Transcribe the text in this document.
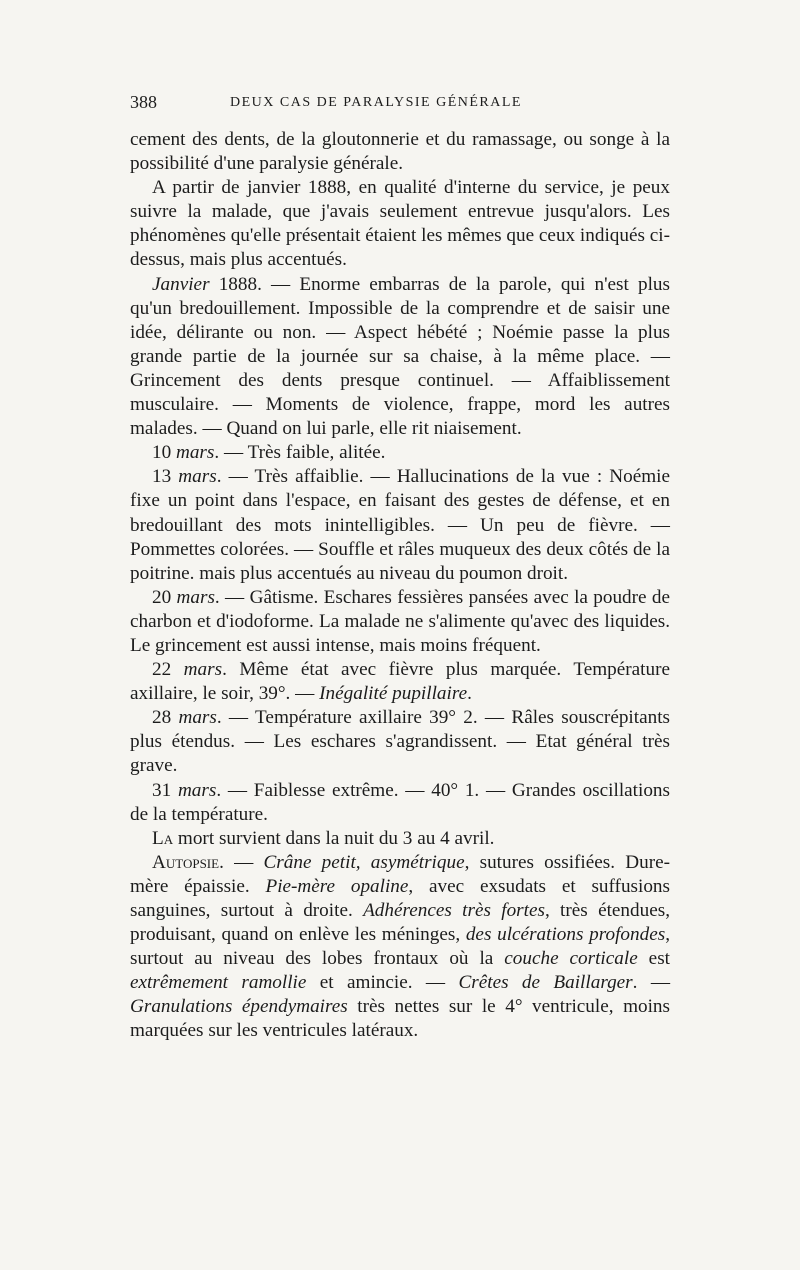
388	DEUX CAS DE PARALYSIE GÉNÉRALE

cement des dents, de la gloutonnerie et du ramassage, ou songe à la possibilité d'une paralysie générale.

A partir de janvier 1888, en qualité d'interne du service, je peux suivre la malade, que j'avais seulement entrevue jusqu'alors. Les phénomènes qu'elle présentait étaient les mêmes que ceux indiqués ci-dessus, mais plus accentués.

Janvier 1888. — Enorme embarras de la parole, qui n'est plus qu'un bredouillement. Impossible de la comprendre et de saisir une idée, délirante ou non. — Aspect hébété ; Noémie passe la plus grande partie de la journée sur sa chaise, à la même place. — Grincement des dents presque continuel. — Affaiblissement musculaire. — Moments de violence, frappe, mord les autres malades. — Quand on lui parle, elle rit niaisement.

10 mars. — Très faible, alitée.

13 mars. — Très affaiblie. — Hallucinations de la vue : Noémie fixe un point dans l'espace, en faisant des gestes de défense, et en bredouillant des mots inintelligibles. — Un peu de fièvre. — Pommettes colorées. — Souffle et râles muqueux des deux côtés de la poitrine. mais plus accentués au niveau du poumon droit.

20 mars. — Gâtisme. Eschares fessières pansées avec la poudre de charbon et d'iodoforme. La malade ne s'alimente qu'avec des liquides. Le grincement est aussi intense, mais moins fréquent.

22 mars. Même état avec fièvre plus marquée. Température axillaire, le soir, 39°. — Inégalité pupillaire.

28 mars. — Température axillaire 39° 2. — Râles souscrépitants plus étendus. — Les eschares s'agrandissent. — Etat général très grave.

31 mars. — Faiblesse extrême. — 40° 1. — Grandes oscillations de la température.

La mort survient dans la nuit du 3 au 4 avril.

Autopsie. — Crâne petit, asymétrique, sutures ossifiées. Dure-mère épaissie. Pie-mère opaline, avec exsudats et suffusions sanguines, surtout à droite. Adhérences très fortes, très étendues, produisant, quand on enlève les méninges, des ulcérations profondes, surtout au niveau des lobes frontaux où la couche corticale est extrêmement ramollie et amincie. — Crêtes de Baillarger. — Granulations épendymaires très nettes sur le 4° ventricule, moins marquées sur les ventricules latéraux.
